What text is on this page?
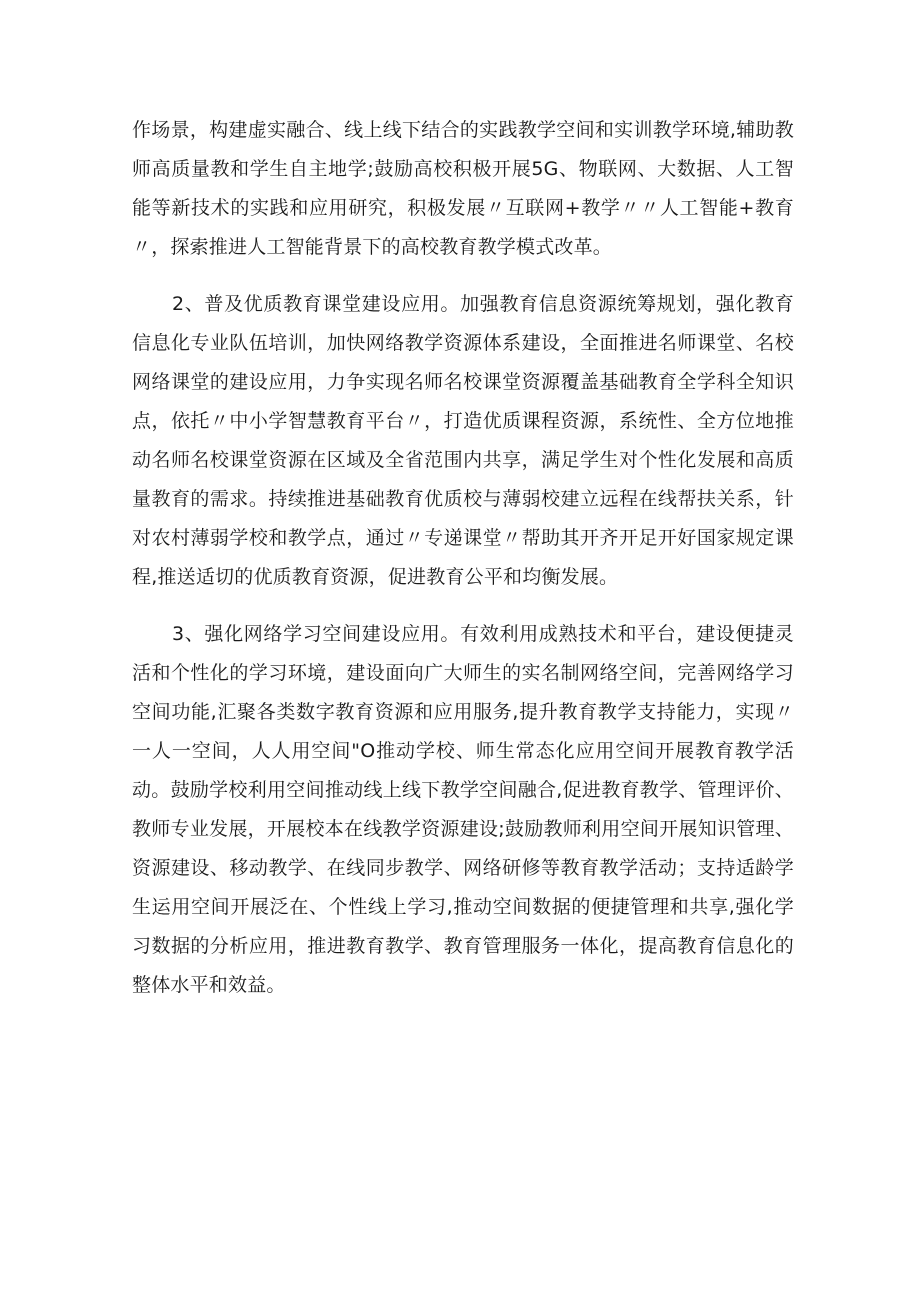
作场景，构建虚实融合、线上线下结合的实践教学空间和实训教学环境,辅助教师高质量教和学生自主地学;鼓励高校积极开展5G、物联网、大数据、人工智能等新技术的实践和应用研究，积极发展〃互联网+教学〃〃人工智能+教育〃，探索推进人工智能背景下的高校教育教学模式改革。

2、普及优质教育课堂建设应用。加强教育信息资源统筹规划，强化教育信息化专业队伍培训，加快网络教学资源体系建设，全面推进名师课堂、名校网络课堂的建设应用，力争实现名师名校课堂资源覆盖基础教育全学科全知识点，依托〃中小学智慧教育平台〃，打造优质课程资源，系统性、全方位地推动名师名校课堂资源在区域及全省范围内共享，满足学生对个性化发展和高质量教育的需求。持续推进基础教育优质校与薄弱校建立远程在线帮扶关系，针对农村薄弱学校和教学点，通过〃专递课堂〃帮助其开齐开足开好国家规定课程,推送适切的优质教育资源，促进教育公平和均衡发展。

3、强化网络学习空间建设应用。有效利用成熟技术和平台，建设便捷灵活和个性化的学习环境，建设面向广大师生的实名制网络空间，完善网络学习空间功能,汇聚各类数字教育资源和应用服务,提升教育教学支持能力，实现〃一人一空间，人人用空间"O推动学校、师生常态化应用空间开展教育教学活动。鼓励学校利用空间推动线上线下教学空间融合,促进教育教学、管理评价、教师专业发展，开展校本在线教学资源建设;鼓励教师利用空间开展知识管理、资源建设、移动教学、在线同步教学、网络研修等教育教学活动；支持适龄学生运用空间开展泛在、个性线上学习,推动空间数据的便捷管理和共享,强化学习数据的分析应用，推进教育教学、教育管理服务一体化，提高教育信息化的整体水平和效益。
